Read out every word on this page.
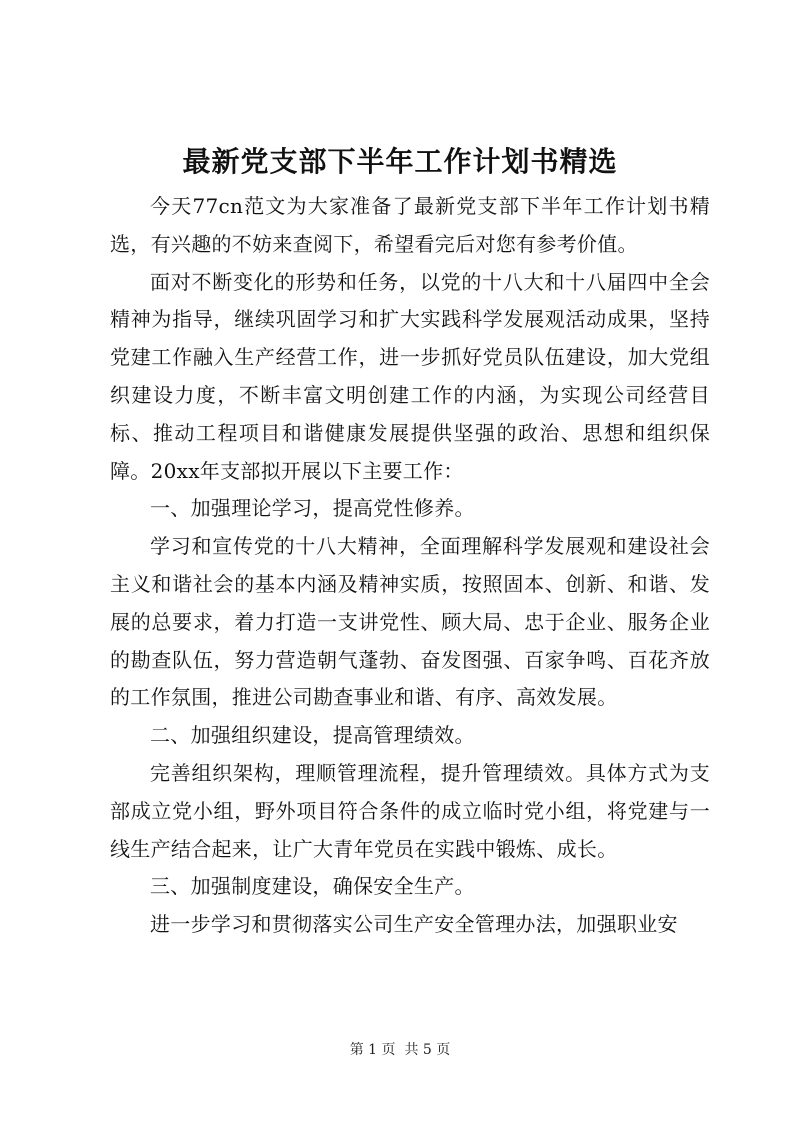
最新党支部下半年工作计划书精选

今天77cn范文为大家准备了最新党支部下半年工作计划书精选，有兴趣的不妨来查阅下，希望看完后对您有参考价值。

面对不断变化的形势和任务，以党的十八大和十八届四中全会精神为指导，继续巩固学习和扩大实践科学发展观活动成果，坚持党建工作融入生产经营工作，进一步抓好党员队伍建设，加大党组织建设力度，不断丰富文明创建工作的内涵，为实现公司经营目标、推动工程项目和谐健康发展提供坚强的政治、思想和组织保障。20xx年支部拟开展以下主要工作：

一、加强理论学习，提高党性修养。

学习和宣传党的十八大精神，全面理解科学发展观和建设社会主义和谐社会的基本内涵及精神实质，按照固本、创新、和谐、发展的总要求，着力打造一支讲党性、顾大局、忠于企业、服务企业的勘查队伍，努力营造朝气蓬勃、奋发图强、百家争鸣、百花齐放的工作氛围，推进公司勘查事业和谐、有序、高效发展。

二、加强组织建设，提高管理绩效。

完善组织架构，理顺管理流程，提升管理绩效。具体方式为支部成立党小组，野外项目符合条件的成立临时党小组，将党建与一线生产结合起来，让广大青年党员在实践中锻炼、成长。

三、加强制度建设，确保安全生产。

进一步学习和贯彻落实公司生产安全管理办法，加强职业安

第 1 页  共 5 页
